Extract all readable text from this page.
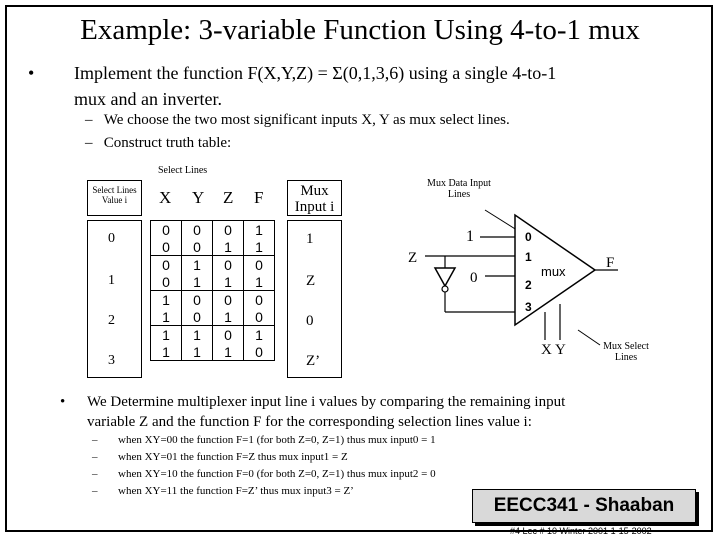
Example: 3-variable Function Using 4-to-1 mux
• Implement the function F(X,Y,Z) = Σ(0,1,3,6) using a single 4-to-1
mux and an inverter.
– We choose the two most significant inputs X, Y as mux select lines.
– Construct truth table:
Select Lines
Select Lines Value i
0
1
2
3
X Y Z F
0	0	0	1
0	0	1	1
0	1	0	0
0	1	1	1
1	0	0	0
1	0	1	0
1	1	0	1
1	1	1	0
Mux Input i
1
Z
0
Z’
Mux Data Input Lines
1
Z
0
0
1
2
3
mux
F
X Y	Mux Select Lines
• We Determine multiplexer input line i values by comparing the remaining input
variable Z and the function F for the corresponding selection lines value i:
– when XY=00 the function F=1 (for both Z=0, Z=1) thus mux input0 = 1
– when XY=01 the function F=Z thus mux input1 = Z
– when XY=10 the function F=0 (for both Z=0, Z=1) thus mux input2 = 0
– when XY=11 the function F=Z’ thus mux input3 = Z’
EECC341 - Shaaban
#4 Lec # 10 Winter 2001 1-15-2002
